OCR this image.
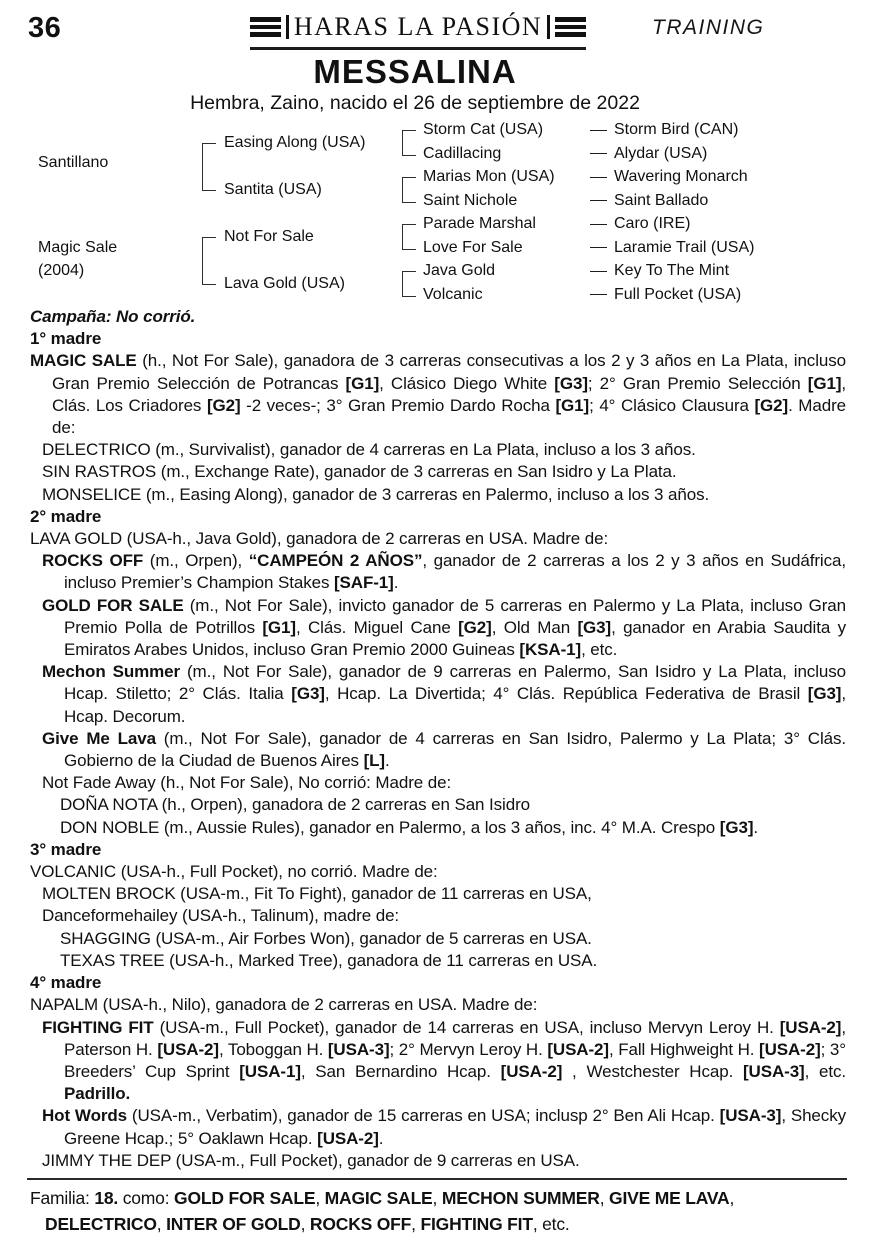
36	HARAS LA PASIÓN	TRAINING
MESSALINA
Hembra, Zaino, nacido el 26 de septiembre de 2022
Santillano
Magic Sale
(2004)
Easing Along (USA)
Santita (USA)
Not For Sale
Lava Gold (USA)
Storm Cat (USA)
Cadillacing
Marias Mon (USA)
Saint Nichole
Parade Marshal
Love For Sale
Java Gold
Volcanic
Storm Bird (CAN)
Alydar (USA)
Wavering Monarch
Saint Ballado
Caro (IRE)
Laramie Trail (USA)
Key To The Mint
Full Pocket (USA)

Campaña: No corrió.

1° madre

MAGIC SALE (h., Not For Sale), ganadora de 3 carreras consecutivas a los 2 y 3 años en La Plata, incluso Gran Premio Selección de Potrancas [G1], Clásico Diego White [G3]; 2° Gran Premio Selección [G1], Clás. Los Criadores [G2] -2 veces-; 3° Gran Premio Dardo Rocha [G1]; 4° Clásico Clausura [G2]. Madre de:

DELECTRICO (m., Survivalist), ganador de 4 carreras en La Plata, incluso a los 3 años.

SIN RASTROS (m., Exchange Rate), ganador de 3 carreras en San Isidro y La Plata.

MONSELICE (m., Easing Along), ganador de 3 carreras en Palermo, incluso a los 3 años.

2° madre

LAVA GOLD (USA-h., Java Gold), ganadora de 2 carreras en USA. Madre de:

ROCKS OFF (m., Orpen), “CAMPEÓN 2 AÑOS”, ganador de 2 carreras a los 2 y 3 años en Sudáfrica, incluso Premier’s Champion Stakes [SAF-1].

GOLD FOR SALE (m., Not For Sale), invicto ganador de 5 carreras en Palermo y La Plata, incluso Gran Premio Polla de Potrillos [G1], Clás. Miguel Cane [G2], Old Man [G3], ganador en Arabia Saudita y Emiratos Arabes Unidos, incluso Gran Premio 2000 Guineas [KSA-1], etc.

Mechon Summer (m., Not For Sale), ganador de 9 carreras en Palermo, San Isidro y La Plata, incluso Hcap. Stiletto; 2° Clás. Italia [G3], Hcap. La Divertida; 4° Clás. República Federativa de Brasil [G3], Hcap. Decorum.

Give Me Lava (m., Not For Sale), ganador de 4 carreras en San Isidro, Palermo y La Plata; 3° Clás. Gobierno de la Ciudad de Buenos Aires [L].

Not Fade Away (h., Not For Sale), No corrió: Madre de:

DOÑA NOTA (h., Orpen), ganadora de 2 carreras en San Isidro

DON NOBLE (m., Aussie Rules), ganador en Palermo, a los 3 años, inc. 4° M.A. Crespo [G3].

3° madre

VOLCANIC (USA-h., Full Pocket), no corrió. Madre de:

MOLTEN BROCK (USA-m., Fit To Fight), ganador de 11 carreras en USA,

Danceformehailey (USA-h., Talinum), madre de:

SHAGGING (USA-m., Air Forbes Won), ganador de 5 carreras en USA.

TEXAS TREE (USA-h., Marked Tree), ganadora de 11 carreras en USA.

4° madre

NAPALM (USA-h., Nilo), ganadora de 2 carreras en USA. Madre de:

FIGHTING FIT (USA-m., Full Pocket), ganador de 14 carreras en USA, incluso Mervyn Leroy H. [USA-2], Paterson H. [USA-2], Toboggan H. [USA-3]; 2° Mervyn Leroy H. [USA-2], Fall Highweight H. [USA-2]; 3° Breeders’ Cup Sprint [USA-1], San Bernardino Hcap. [USA-2] , Westchester Hcap. [USA-3], etc. Padrillo.

Hot Words (USA-m., Verbatim), ganador de 15 carreras en USA; inclusp 2° Ben Ali Hcap. [USA-3], Shecky Greene Hcap.; 5° Oaklawn Hcap. [USA-2].

JIMMY THE DEP (USA-m., Full Pocket), ganador de 9 carreras en USA.

Familia: 18. como: GOLD FOR SALE, MAGIC SALE, MECHON SUMMER, GIVE ME LAVA, DELECTRICO, INTER OF GOLD, ROCKS OFF, FIGHTING FIT, etc.
